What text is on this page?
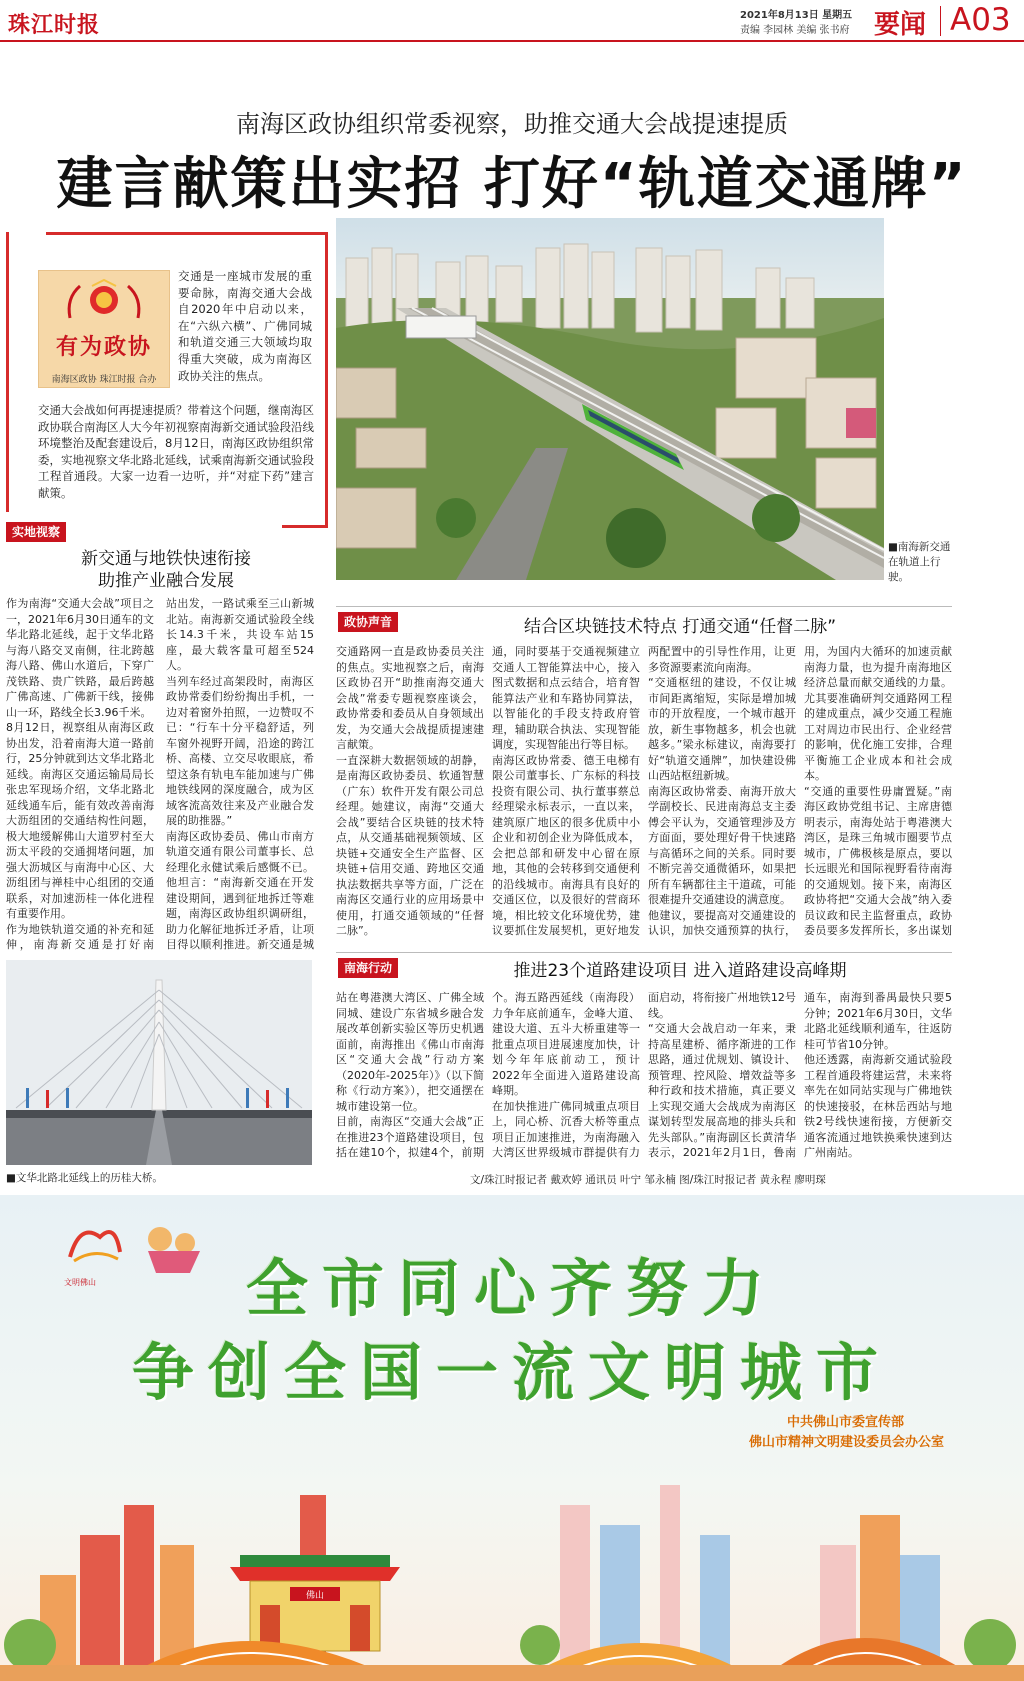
珠江时报	2021年8月13日 星期五
责编 李园林 美编 张书府 要闻 A03
南海区政协组织常委视察，助推交通大会战提速提质
建言献策出实招 打好“轨道交通牌”
有为政协
南海区政协 珠江时报 合办
交通是一座城市发展的重要命脉，南海交通大会战自2020年中启动以来，在“六纵六横”、广佛同城和轨道交通三大领域均取得重大突破，成为南海区政协关注的焦点。
交通大会战如何再提速提质？带着这个问题，继南海区政协联合南海区人大今年初视察南海新交通试验段沿线环境整治及配套建设后，8月12日，南海区政协组织常委，实地视察文华北路北延线，试乘南海新交通试验段工程首通段。大家一边看一边听，并“对症下药”建言献策。
■南海新交通在轨道上行驶。
实地视察
新交通与地铁快速衔接
助推产业融合发展
作为南海“交通大会战”项目之一，2021年6月30日通车的文华北路北延线，起于文华北路与海八路交叉南侧，往北跨越海八路、佛山水道后，下穿广茂铁路、贵广铁路，最后跨越广佛高速、广佛新干线，接佛山一环，路线全长3.96千米。
8月12日，视察组从南海区政协出发，沿着南海大道一路前行，25分钟就到达文华北路北延线。南海区交通运输局局长张忠军现场介绍，文华北路北延线通车后，能有效改善南海大沥组团的交通结构性问题，极大地缓解佛山大道罗村至大沥太平段的交通拥堵问题，加强大沥城区与南海中心区、大沥组团与禅桂中心组团的交通联系，对加速沥桂一体化进程有重要作用。
作为地铁轨道交通的补充和延伸，南海新交通是打好南
站出发，一路试乘至三山新城北站。南海新交通试验段全线长14.3千米，共设车站15座，最大载客量可超至524人。
当列车经过高架段时，南海区政协常委们纷纷掏出手机，一边对着窗外拍照，一边赞叹不已：“行车十分平稳舒适，列车窗外视野开阔，沿途的跨江桥、高楼、立交尽收眼底，希望这条有轨电车能加速与广佛地铁线网的深度融合，成为区域客流高效往来及产业融合发展的助推器。”
南海区政协委员、佛山市南方轨道交通有限公司董事长、总经理化永健试乘后感慨不已。他坦言：“南海新交通在开发建设期间，遇到征地拆迁等难题，南海区政协组织调研组，助力化解征地拆迁矛盾，让项目得以顺利推进。新交通是城
政协声音	结合区块链技术特点 打通交通“任督二脉”
交通路网一直是政协委员关注的焦点。实地视察之后，南海区政协召开“助推南海交通大会战”常委专题视察座谈会，政协常委和委员从自身领域出发，为交通大会战提质提速建言献策。
一直深耕大数据领域的胡静，是南海区政协委员、软通智慧（广东）软件开发有限公司总经理。她建议，南海“交通大会战”要结合区块链的技术特点，从交通基础视频领域、区块链+交通安全生产监督、区块链+信用交通、跨地区交通执法数据共享等方面，广泛在南海区交通行业的应用场景中使用，打通交通领域的“任督二脉”。

通，同时要基于交通视频建立交通人工智能算法中心，接入图式数据和点云结合，培育智能算法产业和车路协同算法，以智能化的手段支持政府管理，辅助联合执法、实现智能调度，实现智能出行等目标。
南海区政协常委、德王电梯有限公司董事长、广东标的科技投资有限公司、执行董事蔡总经理梁永标表示，一直以来，建筑原广地区的很多优质中小企业和初创企业为降低成本，会把总部和研发中心留在原地，其他的会转移到交通便利的沿线城市。南海具有良好的交通区位，以及很好的营商环境，相比较文化环境优势，建议要抓住发展契机，更好地发
两配置中的引导性作用，让更多资源要素流向南海。
“交通枢纽的建设，不仅让城市间距离缩短，实际是增加城市的开放程度，一个城市越开放，新生事物越多，机会也就越多。”梁永标建议，南海要打好“轨道交通牌”，加快建设佛山西站枢纽新城。
南海区政协常委、南海开放大学副校长、民进南海总支主委傅会平认为，交通管理涉及方方面面，要处理好骨干快速路与高循环之间的关系。同时要不断完善交通微循环，如果把所有车辆都往主干道疏，可能很难提升交通建设的满意度。
他建议，要提高对交通建设的认识，加快交通预算的执行，
用，为国内大循环的加速贡献南海力量，也为提升南海地区经济总量而献交通线的力量。尤其要准确研判交通路网工程的建成重点，减少交通工程施工对周边市民出行、企业经营的影响，优化施工安排，合理平衡施工企业成本和社会成本。
“交通的重要性毋庸置疑。”南海区政协党组书记、主席唐德明表示，南海处站于粤港澳大湾区，是珠三角城市圈要节点城市，广佛极核是原点，要以长远眼光和国际视野看待南海的交通规划。接下来，南海区政协将把“交通大会战”纳入委员议政和民主监督重点，政协委员要多发挥所长，多出谋划
南海行动	推进23个道路建设项目 进入道路建设高峰期
站在粤港澳大湾区、广佛全域同城、建设广东省城乡融合发展改革创新实验区等历史机遇面前，南海推出《佛山市南海区“交通大会战”行动方案（2020年-2025年）》（以下简称《行动方案》），把交通摆在城市建设第一位。
目前，南海区“交通大会战”正在推进23个道路建设项目，包括在建10个，拟建4个，前期
个。海五路西延线（南海段）力争年底前通车，金峰大道、建设大道、五斗大桥重建等一批重点项目进展速度加快，计划今年年底前动工，预计2022年全面进入道路建设高峰期。
在加快推进广佛同城重点项目上，同心桥、沉香大桥等重点项目正加速推进，为南海融入大湾区世界级城市群提供有力
面启动，将衔接广州地铁12号线。
“交通大会战启动一年来，秉持高星建桥、循序渐进的工作思路，通过优规划、镇设计、预管理、控风险、增效益等多种行政和技术措施，真正要义上实现交通大会战成为南海区谋划转型发展高地的排头兵和先头部队。”南海副区长黄清华表示，2021年2月1日，鲁南
通车，南海到番禺最快只要5分钟；2021年6月30日，文华北路北延线顺利通车，往返防桂可节省10分钟。
他还透露，南海新交通试验段工程首通段将建运营，未来将率先在如同站实现与广佛地铁的快速接驳，在林岳西站与地铁2号线快速衔接，方便新交通客流通过地铁换乘快速到达广州南站。
■文华北路北延线上的历桂大桥。	文/珠江时报记者 戴欢婷 通讯员 叶宁 邹永楠 图/珠江时报记者 黄永程 廖明琛
文明佛山	全市同心齐努力
争创全国一流文明城市
中共佛山市委宣传部
佛山市精神文明建设委员会办公室
佛山
